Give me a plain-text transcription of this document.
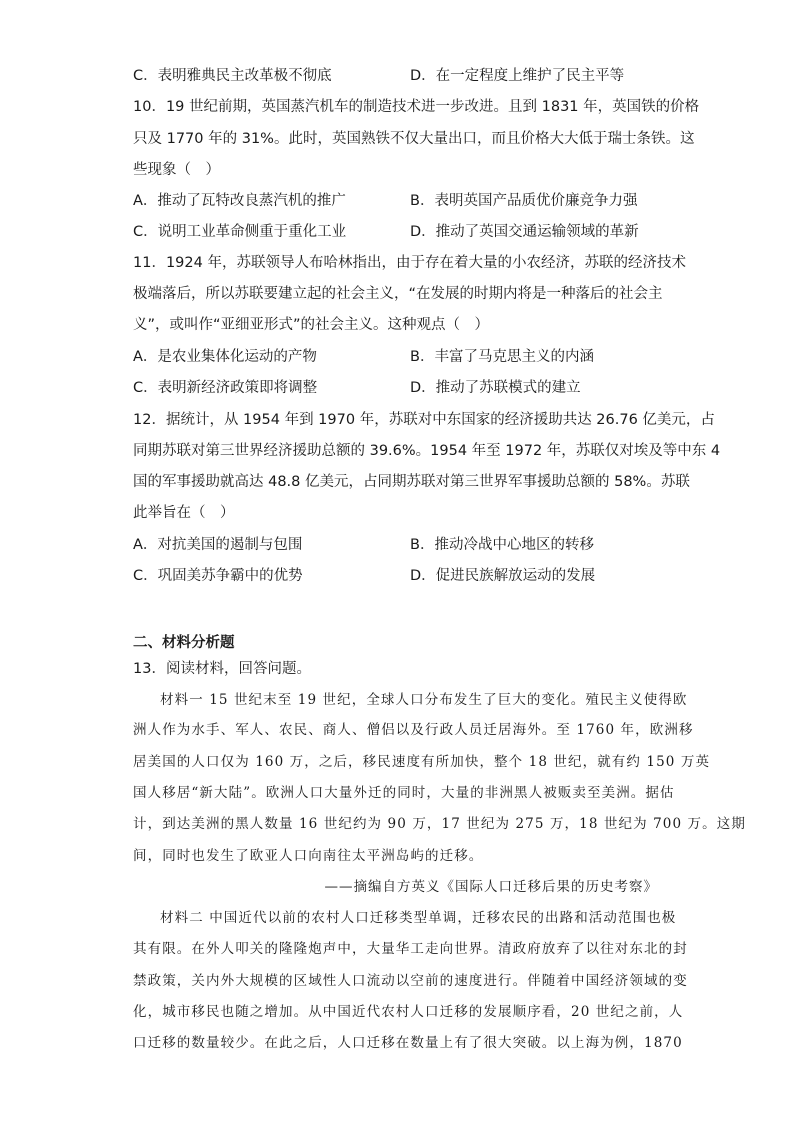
C．表明雅典民主改革极不彻底	D．在一定程度上维护了民主平等
10．19 世纪前期，英国蒸汽机车的制造技术进一步改进。且到 1831 年，英国铁的价格
只及 1770 年的 31%。此时，英国熟铁不仅大量出口，而且价格大大低于瑞士条铁。这
些现象（　）
A．推动了瓦特改良蒸汽机的推广	B．表明英国产品质优价廉竞争力强
C．说明工业革命侧重于重化工业	D．推动了英国交通运输领域的革新
11．1924 年，苏联领导人布哈林指出，由于存在着大量的小农经济，苏联的经济技术
极端落后，所以苏联要建立起的社会主义，“在发展的时期内将是一种落后的社会主
义”，或叫作“亚细亚形式”的社会主义。这种观点（　）
A．是农业集体化运动的产物	B．丰富了马克思主义的内涵
C．表明新经济政策即将调整	D．推动了苏联模式的建立
12．据统计，从 1954 年到 1970 年，苏联对中东国家的经济援助共达 26.76 亿美元，占
同期苏联对第三世界经济援助总额的 39.6%。1954 年至 1972 年，苏联仅对埃及等中东 4
国的军事援助就高达 48.8 亿美元，占同期苏联对第三世界军事援助总额的 58%。苏联
此举旨在（　）
A．对抗美国的遏制与包围	B．推动冷战中心地区的转移
C．巩固美苏争霸中的优势	D．促进民族解放运动的发展
二、材料分析题
13．阅读材料，回答问题。
材料一 15 世纪末至 19 世纪，全球人口分布发生了巨大的变化。殖民主义使得欧
洲人作为水手、军人、农民、商人、僧侣以及行政人员迁居海外。至 1760 年，欧洲移
居美国的人口仅为 160 万，之后，移民速度有所加快，整个 18 世纪，就有约 150 万英
国人移居“新大陆”。欧洲人口大量外迁的同时，大量的非洲黑人被贩卖至美洲。据估
计，到达美洲的黑人数量 16 世纪约为 90 万，17 世纪为 275 万，18 世纪为 700 万。这期
间，同时也发生了欧亚人口向南往太平洲岛屿的迁移。
——摘编自方英义《国际人口迁移后果的历史考察》
材料二 中国近代以前的农村人口迁移类型单调，迁移农民的出路和活动范围也极
其有限。在外人叩关的隆隆炮声中，大量华工走向世界。清政府放弃了以往对东北的封
禁政策，关内外大规模的区域性人口流动以空前的速度进行。伴随着中国经济领域的变
化，城市移民也随之增加。从中国近代农村人口迁移的发展顺序看，20 世纪之前，人
口迁移的数量较少。在此之后，人口迁移在数量上有了很大突破。以上海为例，1870
